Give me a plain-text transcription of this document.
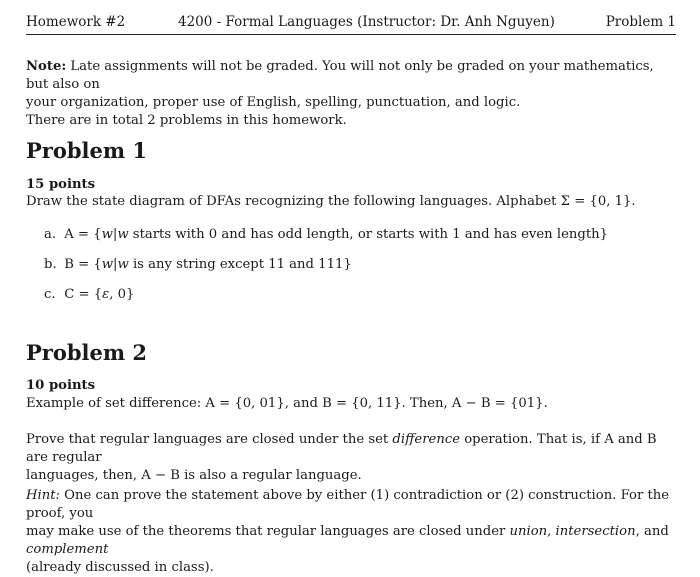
Homework #2	4200 - Formal Languages (Instructor: Dr. Anh Nguyen)	Problem 1
Note: Late assignments will not be graded. You will not only be graded on your mathematics, but also on
your organization, proper use of English, spelling, punctuation, and logic.
There are in total 2 problems in this homework.
Problem 1
15 points
Draw the state diagram of DFAs recognizing the following languages. Alphabet Σ = {0, 1}.
a. A = {w|w starts with 0 and has odd length, or starts with 1 and has even length}
b. B = {w|w is any string except 11 and 111}
c. C = {ε, 0}
Problem 2
10 points
Example of set difference: A = {0, 01}, and B = {0, 11}. Then, A − B = {01}.
Prove that regular languages are closed under the set difference operation. That is, if A and B are regular
languages, then, A − B is also a regular language.
Hint: One can prove the statement above by either (1) contradiction or (2) construction. For the proof, you
may make use of the theorems that regular languages are closed under union, intersection, and complement
(already discussed in class).
